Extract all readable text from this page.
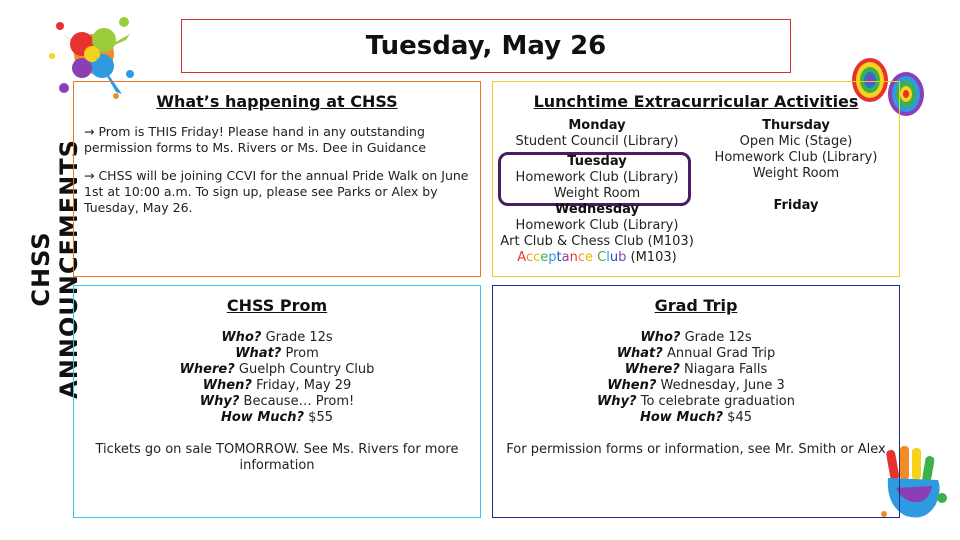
CHSS ANNOUNCEMENTS
Tuesday, May 26
What’s happening at CHSS

→ Prom is THIS Friday! Please hand in any outstanding permission forms to Ms. Rivers or Ms. Dee in Guidance

→ CHSS will be joining CCVI for the annual Pride Walk on June 1st at 10:00 a.m. To sign up, please see Parks or Alex by Tuesday, May 26.

Lunchtime Extracurricular Activities
Monday
Student Council (Library)
Tuesday
Homework Club (Library)
Weight Room
Wednesday
Homework Club (Library)
Art Club & Chess Club (M103)
Acceptance Club (M103)
Thursday
Open Mic (Stage)
Homework Club (Library)
Weight Room
Friday
CHSS Prom
Who? Grade 12s
What? Prom
Where? Guelph Country Club
When? Friday, May 29
Why? Because… Prom!
How Much? $55
Tickets go on sale TOMORROW. See Ms. Rivers for more information
Grad Trip
Who? Grade 12s
What? Annual Grad Trip
Where? Niagara Falls
When? Wednesday, June 3
Why? To celebrate graduation
How Much? $45
For permission forms or information, see Mr. Smith or Alex
